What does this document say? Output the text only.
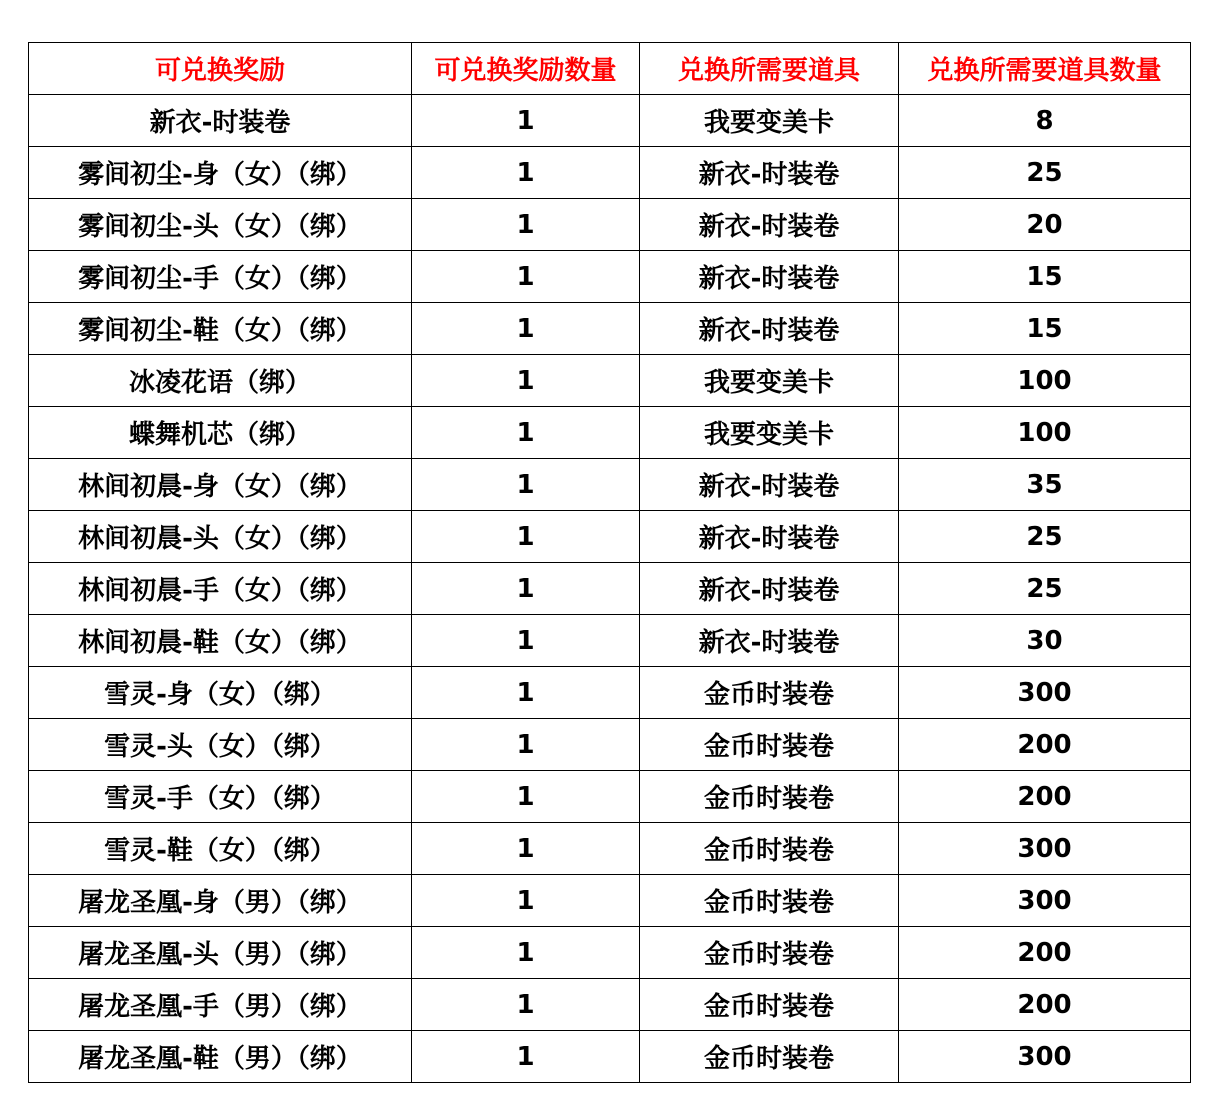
可兑换奖励	可兑换奖励数量	兑换所需要道具	兑换所需要道具数量
新衣-时装卷	1	我要变美卡	8
雾间初尘-身（女）（绑）	1	新衣-时装卷	25
雾间初尘-头（女）（绑）	1	新衣-时装卷	20
雾间初尘-手（女）（绑）	1	新衣-时装卷	15
雾间初尘-鞋（女）（绑）	1	新衣-时装卷	15
冰凌花语（绑）	1	我要变美卡	100
蝶舞机芯（绑）	1	我要变美卡	100
林间初晨-身（女）（绑）	1	新衣-时装卷	35
林间初晨-头（女）（绑）	1	新衣-时装卷	25
林间初晨-手（女）（绑）	1	新衣-时装卷	25
林间初晨-鞋（女）（绑）	1	新衣-时装卷	30
雪灵-身（女）（绑）	1	金币时装卷	300
雪灵-头（女）（绑）	1	金币时装卷	200
雪灵-手（女）（绑）	1	金币时装卷	200
雪灵-鞋（女）（绑）	1	金币时装卷	300
屠龙圣凰-身（男）（绑）	1	金币时装卷	300
屠龙圣凰-头（男）（绑）	1	金币时装卷	200
屠龙圣凰-手（男）（绑）	1	金币时装卷	200
屠龙圣凰-鞋（男）（绑）	1	金币时装卷	300
